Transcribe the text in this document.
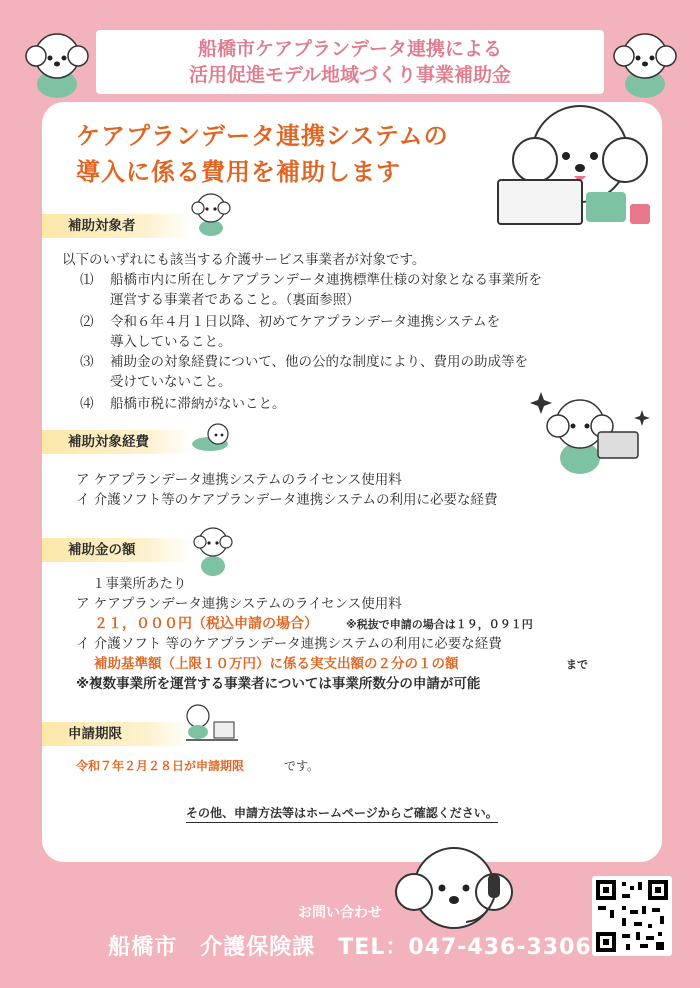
船橋市ケアプランデータ連携による
活用促進モデル地域づくり事業補助金
ケアプランデータ連携システムの
導入に係る費用を補助します
補助対象者
以下のいずれにも該当する介護サービス事業者が対象です。
⑴ 船橋市内に所在しケアプランデータ連携標準仕様の対象となる事業所を
運営する事業者であること。（裏面参照）
⑵ 令和６年４月１日以降、初めてケアプランデータ連携システムを
導入していること。
⑶ 補助金の対象経費について、他の公的な制度により、費用の助成等を
受けていないこと。
⑷ 船橋市税に滞納がないこと。
補助対象経費
ア ケアプランデータ連携システムのライセンス使用料
イ 介護ソフト等のケアプランデータ連携システムの利用に必要な経費
補助金の額
１事業所あたり
ア ケアプランデータ連携システムのライセンス使用料
２１，０００円（税込申請の場合）	※税抜で申請の場合は１９，０９１円
イ 介護ソフト 等のケアプランデータ連携システムの利用に必要な経費
補助基準額（上限１０万円）に係る実支出額の２分の１の額	まで
※複数事業所を運営する事業者については事業所数分の申請が可能
申請期限
令和７年２月２８日が申請期限	です。
その他、申請方法等はホームページからご確認ください。
お問い合わせ
船橋市　介護保険課　TEL：047-436-3306
